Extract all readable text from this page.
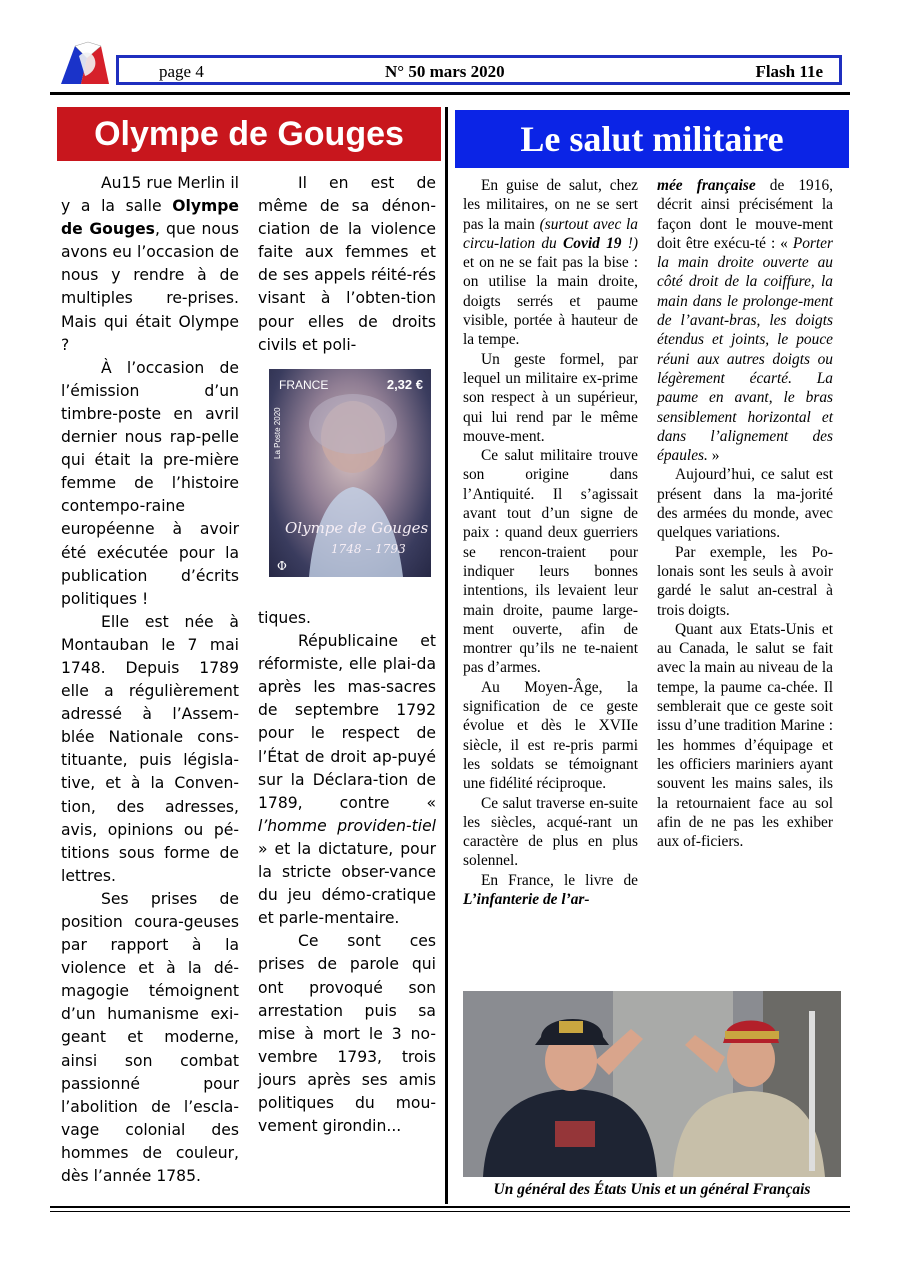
FNACA
page 4	N° 50 mars 2020	Flash 11e
Olympe de Gouges	Le salut militaire

Au15 rue Merlin il y a la salle Olympe de Gouges, que nous avons eu l’occasion de nous y rendre à de multiples re-prises. Mais qui était Olympe ?

À l’occasion de l’émission d’un timbre-poste en avril dernier nous rap-pelle qui était la pre-mière femme de l’histoire contempo-raine européenne à avoir été exécutée pour la publication d’écrits politiques !

Elle est née à Montauban le 7 mai 1748. Depuis 1789 elle a régulièrement adressé à l’Assem-blée Nationale cons-tituante, puis législa-tive, et à la Conven-tion, des adresses, avis, opinions ou pé-titions sous forme de lettres.

Ses prises de position coura-geuses par rapport à la violence et à la dé-magogie témoignent d’un humanisme exi-geant et moderne, ainsi son combat passionné pour l’abolition de l’escla-vage colonial des hommes de couleur, dès l’année 1785.

Il en est de même de sa dénon-ciation de la violence faite aux femmes et de ses appels réité-rés visant à l’obten-tion pour elles de droits civils et poli-

FRANCE	2,32 €
La Poste 2020
Olympe de Gouges
1748 – 1793
Φ

tiques.

Républicaine et réformiste, elle plai-da après les mas-sacres de septembre 1792 pour le respect de l’État de droit ap-puyé sur la Déclara-tion de 1789, contre « l’homme providen-tiel » et la dictature, pour la stricte obser-vance du jeu démo-cratique et parle-mentaire.

Ce sont ces prises de parole qui ont provoqué son arrestation puis sa mise à mort le 3 no-vembre 1793, trois jours après ses amis politiques du mou-vement girondin...

En guise de salut, chez les militaires, on ne se sert pas la main (surtout avec la circu-lation du Covid 19 !) et on ne se fait pas la bise : on utilise la main droite, doigts serrés et paume visible, portée à hauteur de la tempe.

Un geste formel, par lequel un militaire ex-prime son respect à un supérieur, qui lui rend par le même mouve-ment.

Ce salut militaire trouve son origine dans l’Antiquité. Il s’agissait avant tout d’un signe de paix : quand deux guerriers se rencon-traient pour indiquer leurs bonnes intentions, ils levaient leur main droite, paume large-ment ouverte, afin de montrer qu’ils ne te-naient pas d’armes.

Au Moyen-Âge, la signification de ce geste évolue et dès le XVIIe siècle, il est re-pris parmi les soldats se témoignant une fidélité réciproque.

Ce salut traverse en-suite les siècles, acqué-rant un caractère de plus en plus solennel.

En France, le livre de L’infanterie de l’ar-

mée française de 1916, décrit ainsi précisément la façon dont le mouve-ment doit être exécu-té : « Porter la main droite ouverte au côté droit de la coiffure, la main dans le prolonge-ment de l’avant-bras, les doigts étendus et joints, le pouce réuni aux autres doigts ou légèrement écarté. La paume en avant, le bras sensiblement horizontal et dans l’alignement des épaules. »

Aujourd’hui, ce salut est présent dans la ma-jorité des armées du monde, avec quelques variations.

Par exemple, les Po-lonais sont les seuls à avoir gardé le salut an-cestral à trois doigts.

Quant aux Etats-Unis et au Canada, le salut se fait avec la main au niveau de la tempe, la paume ca-chée. Il semblerait que ce geste soit issu d’une tradition Marine : les hommes d’équipage et les officiers mariniers ayant souvent les mains sales, ils la retournaient face au sol afin de ne pas les exhiber aux of-ficiers.

Un général des États Unis et un général Français
